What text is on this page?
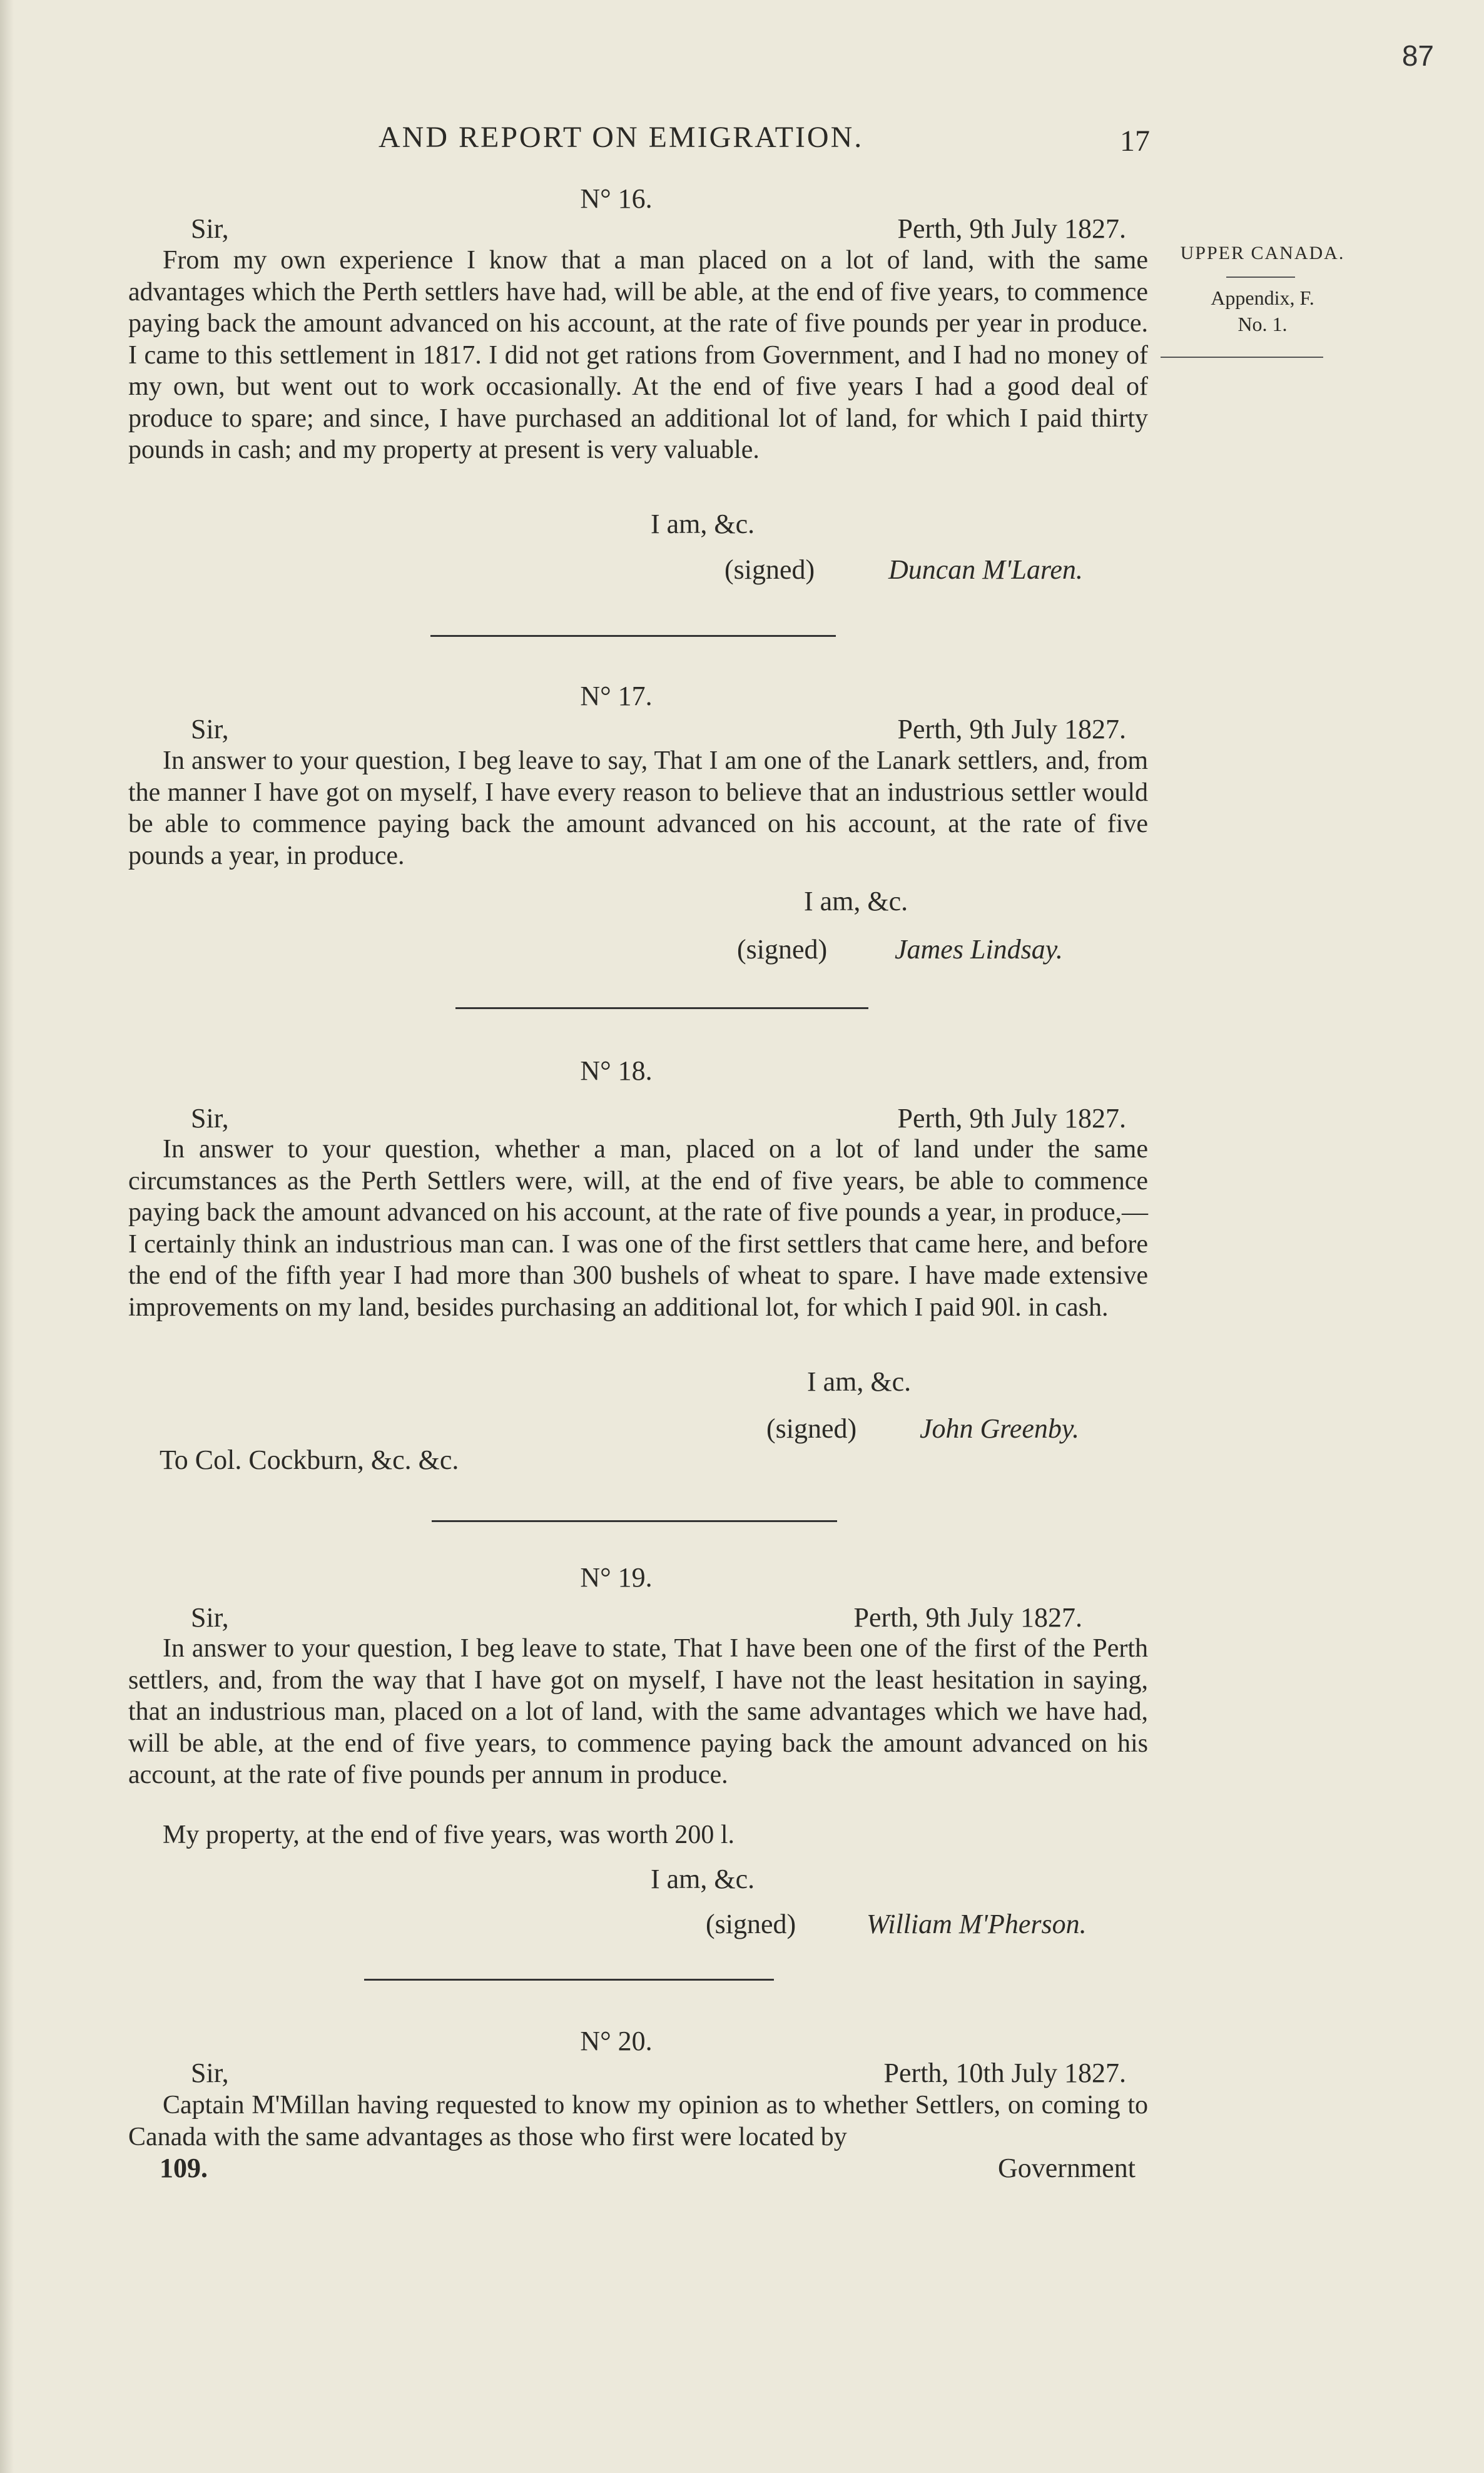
87
AND REPORT ON EMIGRATION.	17
UPPER CANADA.
Appendix, F.
No. 1.
N° 16.
Sir,	Perth, 9th July 1827.
From my own experience I know that a man placed on a lot of land, with the same advantages which the Perth settlers have had, will be able, at the end of five years, to commence paying back the amount advanced on his account, at the rate of five pounds per year in produce. I came to this settlement in 1817. I did not get rations from Government, and I had no money of my own, but went out to work occasionally. At the end of five years I had a good deal of produce to spare; and since, I have purchased an additional lot of land, for which I paid thirty pounds in cash; and my property at present is very valuable.
I am, &c.
(signed)	Duncan M'Laren.
N° 17.
Sir,	Perth, 9th July 1827.
In answer to your question, I beg leave to say, That I am one of the Lanark settlers, and, from the manner I have got on myself, I have every reason to believe that an industrious settler would be able to commence paying back the amount advanced on his account, at the rate of five pounds a year, in produce.
I am, &c.
(signed) James Lindsay.
N° 18.
Sir,	Perth, 9th July 1827.
In answer to your question, whether a man, placed on a lot of land under the same circumstances as the Perth Settlers were, will, at the end of five years, be able to commence paying back the amount advanced on his account, at the rate of five pounds a year, in produce,—I certainly think an industrious man can. I was one of the first settlers that came here, and before the end of the fifth year I had more than 300 bushels of wheat to spare. I have made extensive improvements on my land, besides purchasing an additional lot, for which I paid 90l. in cash.
I am, &c.
(signed) John Greenby.
To Col. Cockburn, &c. &c.
N° 19.
Sir,	Perth, 9th July 1827.
In answer to your question, I beg leave to state, That I have been one of the first of the Perth settlers, and, from the way that I have got on myself, I have not the least hesitation in saying, that an industrious man, placed on a lot of land, with the same advantages which we have had, will be able, at the end of five years, to commence paying back the amount advanced on his account, at the rate of five pounds per annum in produce.
My property, at the end of five years, was worth 200 l.
I am, &c.
(signed)	William M'Pherson.
N° 20.
Sir,	Perth, 10th July 1827.
Captain M'Millan having requested to know my opinion as to whether Settlers, on coming to Canada with the same advantages as those who first were located by
109.	Government
